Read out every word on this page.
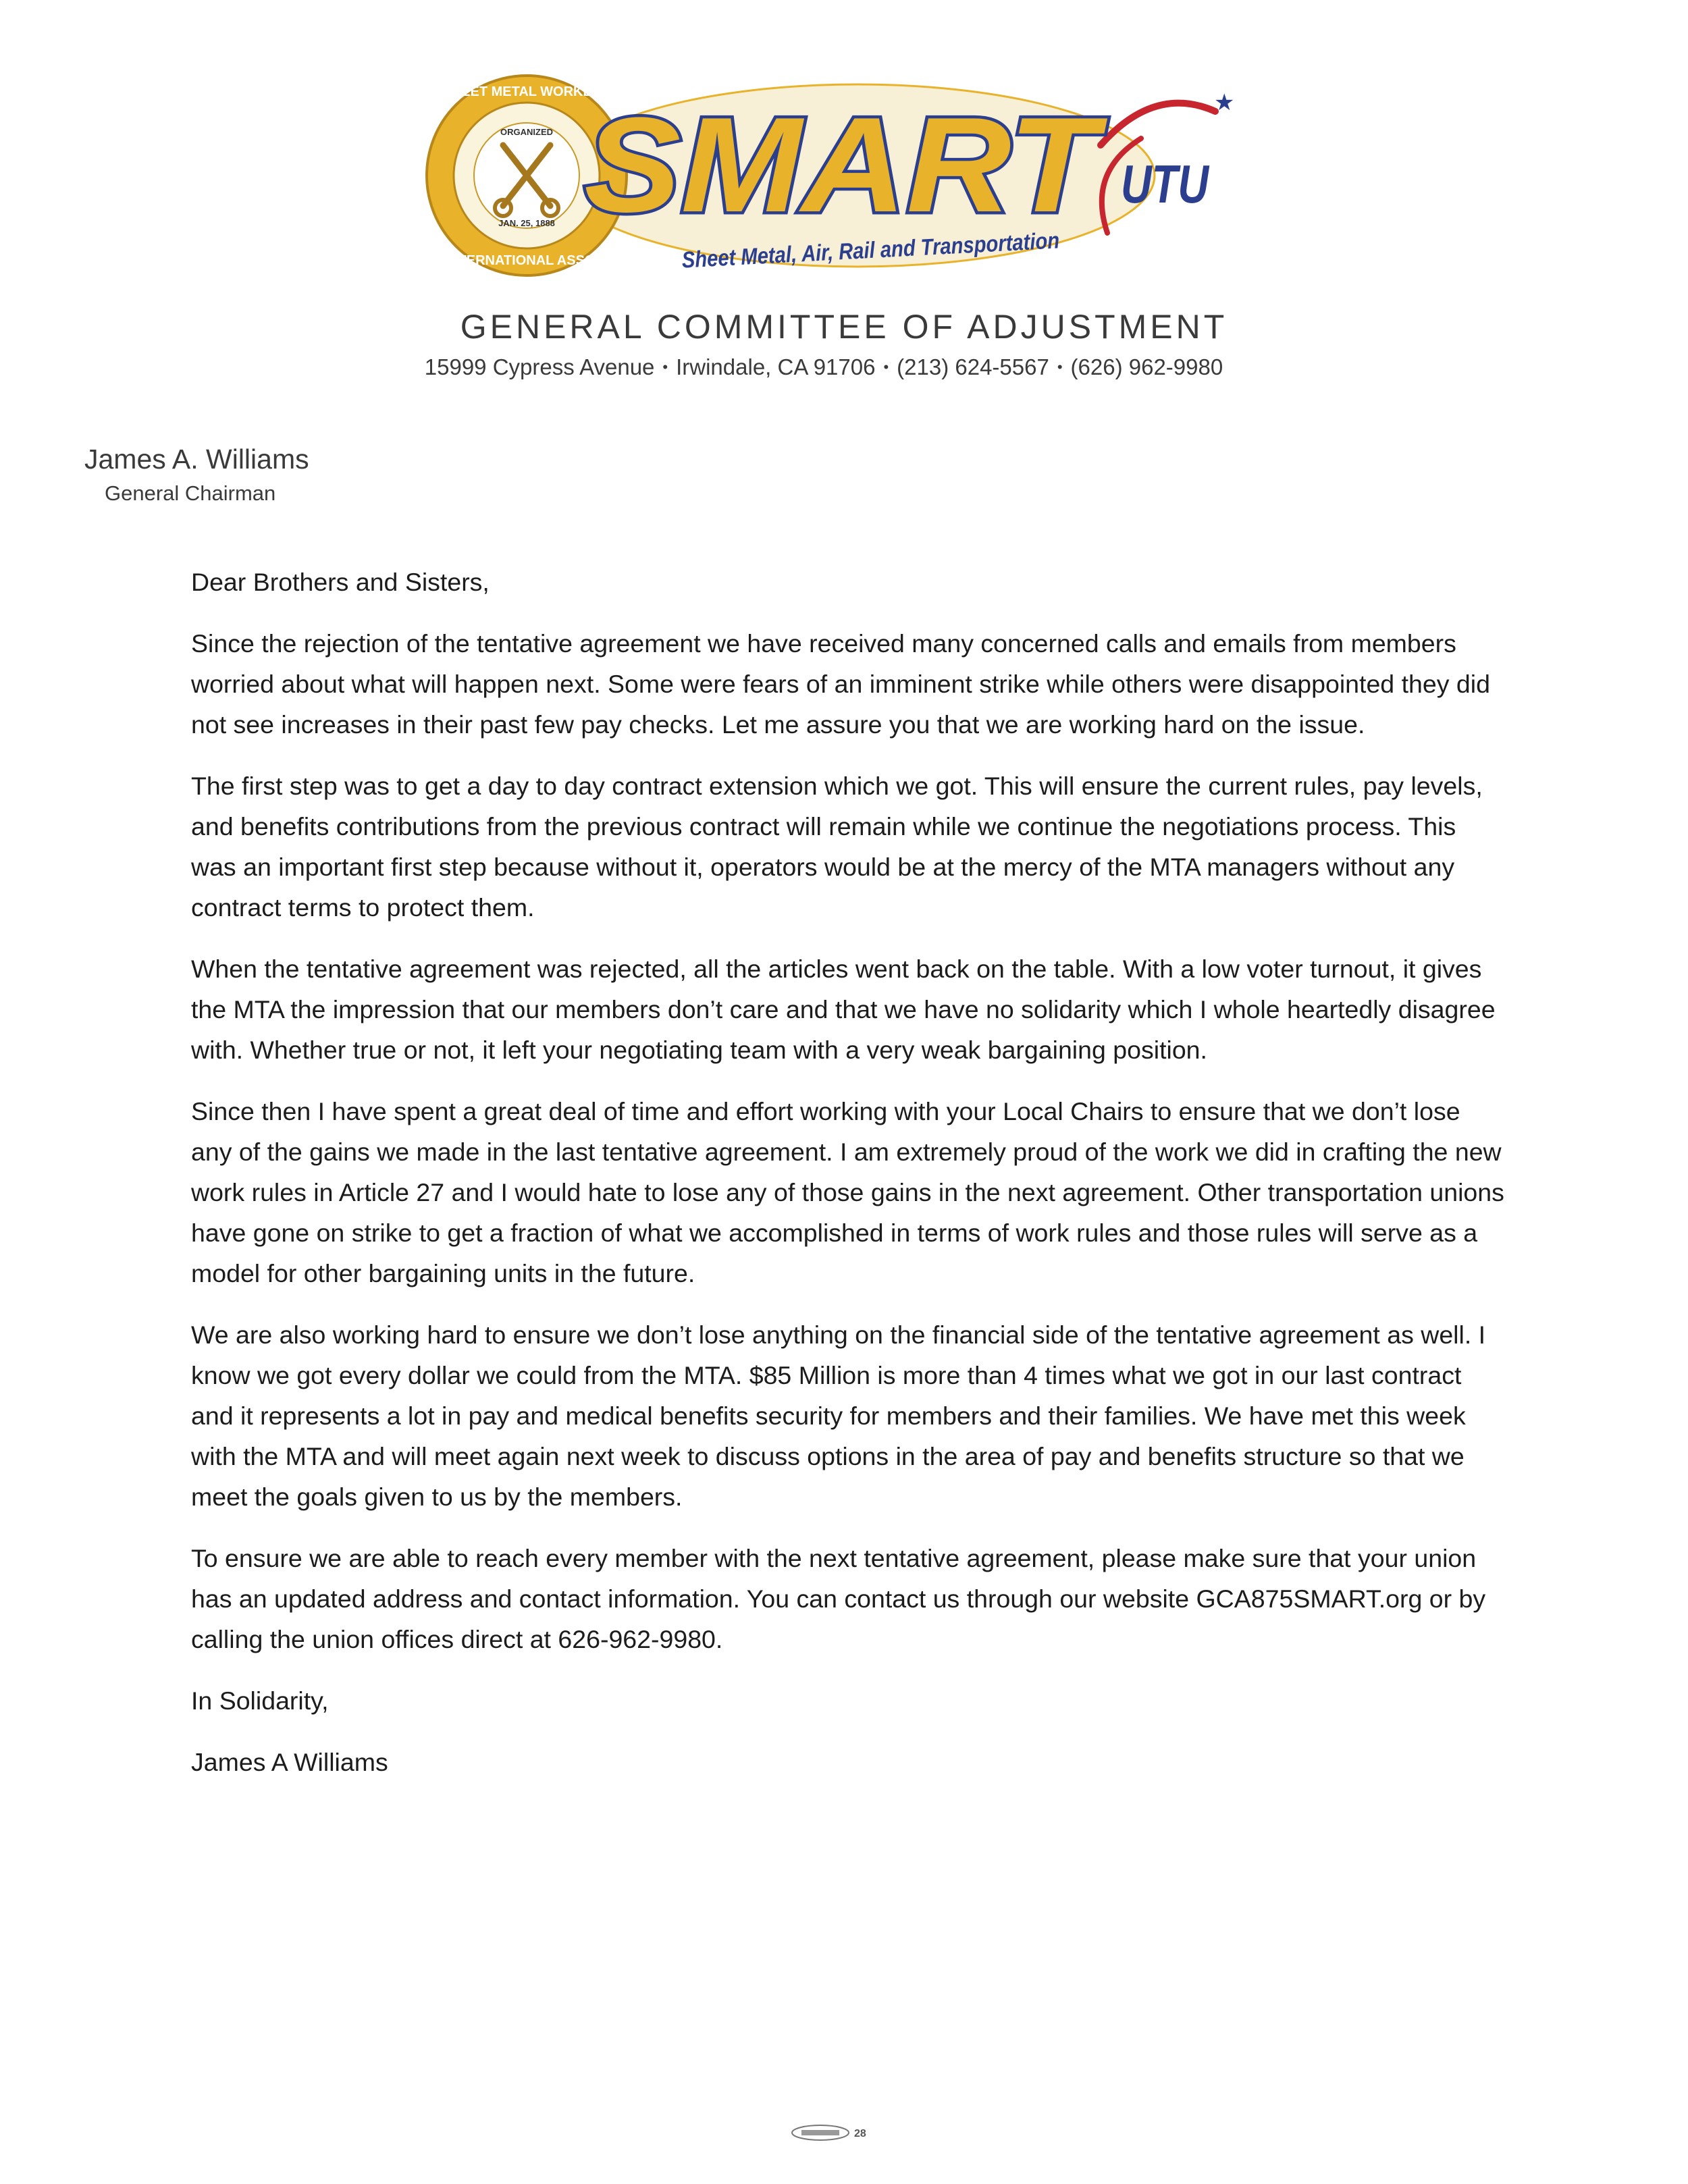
SHEET METAL WORKERS
ORGANIZED
JAN. 25, 1888
INTERNATIONAL ASSOC.
★
SMART UTU
Sheet Metal, Air, Rail and Transportation
GENERAL COMMITTEE OF ADJUSTMENT
15999 Cypress Avenue • Irwindale, CA 91706 • (213) 624-5567 • (626) 962-9980
James A. Williams
General Chairman

Dear Brothers and Sisters,

Since the rejection of the tentative agreement we have received many concerned calls and emails from members worried about what will happen next. Some were fears of an imminent strike while others were disappointed they did not see increases in their past few pay checks. Let me assure you that we are working hard on the issue.

The first step was to get a day to day contract extension which we got. This will ensure the current rules, pay levels, and benefits contributions from the previous contract will remain while we continue the negotiations process. This was an important first step because without it, operators would be at the mercy of the MTA managers without any contract terms to protect them.

When the tentative agreement was rejected, all the articles went back on the table. With a low voter turnout, it gives the MTA the impression that our members don’t care and that we have no solidarity which I whole heartedly disagree with. Whether true or not, it left your negotiating team with a very weak bargaining position.

Since then I have spent a great deal of time and effort working with your Local Chairs to ensure that we don’t lose any of the gains we made in the last tentative agreement. I am extremely proud of the work we did in crafting the new work rules in Article 27 and I would hate to lose any of those gains in the next agreement. Other transportation unions have gone on strike to get a fraction of what we accomplished in terms of work rules and those rules will serve as a model for other bargaining units in the future.

We are also working hard to ensure we don’t lose anything on the financial side of the tentative agreement as well. I know we got every dollar we could from the MTA. $85 Million is more than 4 times what we got in our last contract and it represents a lot in pay and medical benefits security for members and their families. We have met this week with the MTA and will meet again next week to discuss options in the area of pay and benefits structure so that we meet the goals given to us by the members.

To ensure we are able to reach every member with the next tentative agreement, please make sure that your union has an updated address and contact information. You can contact us through our website GCA875SMART.org or by calling the union offices direct at 626-962-9980.

In Solidarity,

James A Williams

28
